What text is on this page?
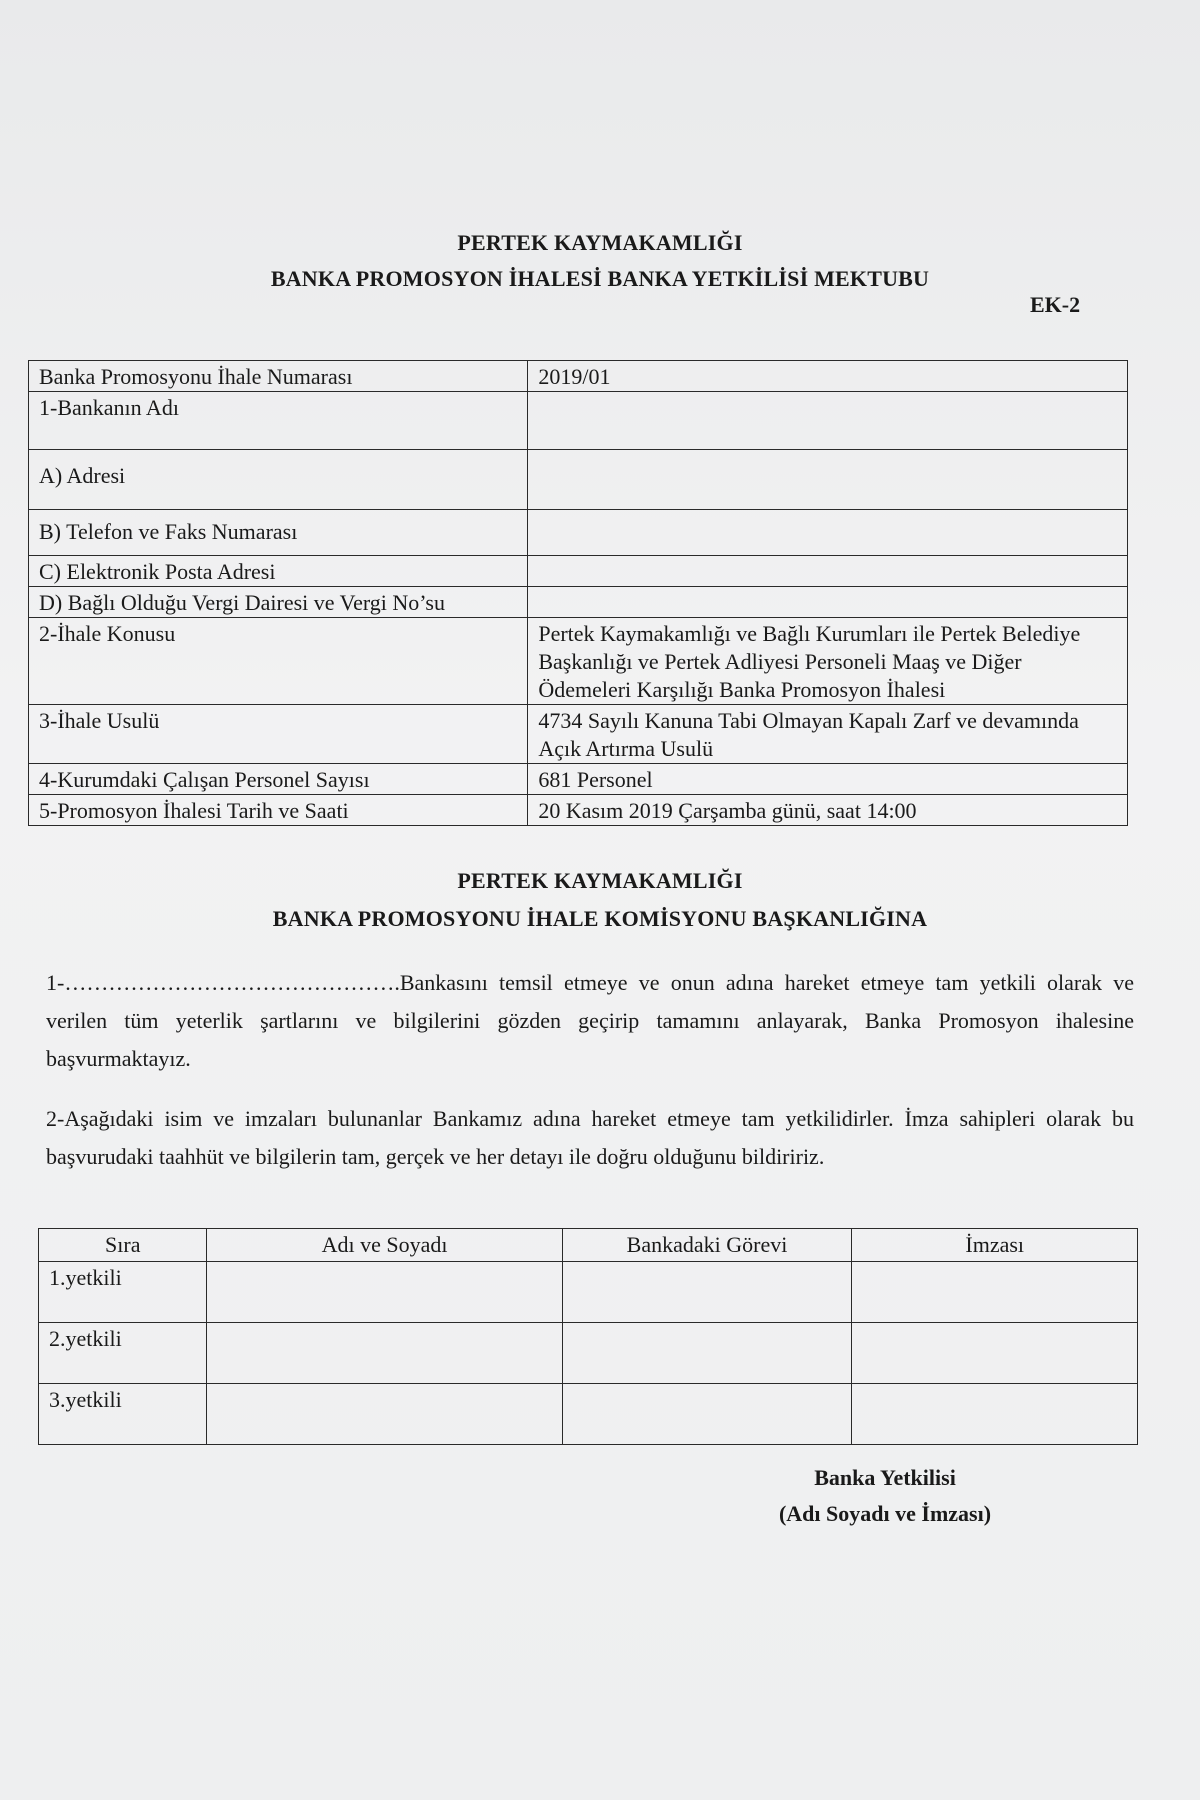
PERTEK KAYMAKAMLIĞI
BANKA PROMOSYON İHALESİ BANKA YETKİLİSİ MEKTUBU
EK-2
Banka Promosyonu İhale Numarası	2019/01
1-Bankanın Adı	
A) Adresi	
B) Telefon ve Faks Numarası	
C) Elektronik Posta Adresi	
D) Bağlı Olduğu Vergi Dairesi ve Vergi No’su	
2-İhale Konusu	Pertek Kaymakamlığı ve Bağlı Kurumları ile Pertek Belediye Başkanlığı ve Pertek Adliyesi Personeli Maaş ve Diğer Ödemeleri Karşılığı Banka Promosyon İhalesi
3-İhale Usulü	4734 Sayılı Kanuna Tabi Olmayan Kapalı Zarf ve devamında Açık Artırma Usulü
4-Kurumdaki Çalışan Personel Sayısı	681 Personel
5-Promosyon İhalesi Tarih ve Saati	20 Kasım 2019 Çarşamba günü, saat 14:00
PERTEK KAYMAKAMLIĞI
BANKA PROMOSYONU İHALE KOMİSYONU BAŞKANLIĞINA
1-……………………………………….Bankasını temsil etmeye ve onun adına hareket etmeye tam yetkili olarak ve verilen tüm yeterlik şartlarını ve bilgilerini gözden geçirip tamamını anlayarak, Banka Promosyon ihalesine başvurmaktayız.
2-Aşağıdaki isim ve imzaları bulunanlar Bankamız adına hareket etmeye tam yetkilidirler. İmza sahipleri olarak bu başvurudaki taahhüt ve bilgilerin tam, gerçek ve her detayı ile doğru olduğunu bildiririz.
Sıra	Adı ve Soyadı	Bankadaki Görevi	İmzası
1.yetkili			
2.yetkili			
3.yetkili			
Banka Yetkilisi
(Adı Soyadı ve İmzası)
